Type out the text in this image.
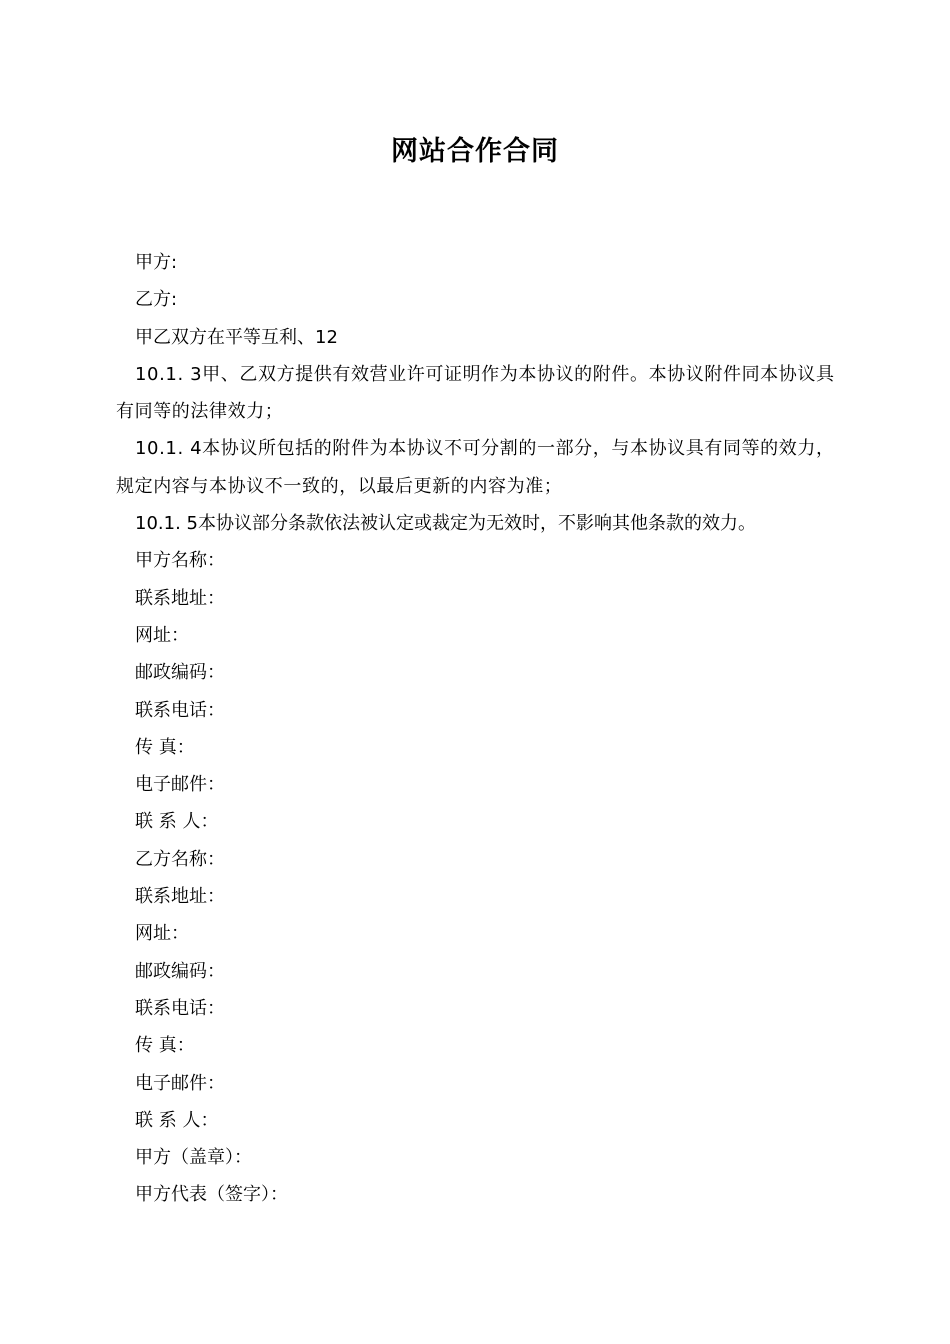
网站合作合同

甲方:

乙方:

甲乙双方在平等互利、12

10.1. 3甲、乙双方提供有效营业许可证明作为本协议的附件。本协议附件同本协议具有同等的法律效力；

10.1. 4本协议所包括的附件为本协议不可分割的一部分，与本协议具有同等的效力，规定内容与本协议不一致的，以最后更新的内容为准；

10.1. 5本协议部分条款依法被认定或裁定为无效时，不影响其他条款的效力。

甲方名称：

联系地址：

网址：

邮政编码：

联系电话：

传 真：

电子邮件：

联 系 人：

乙方名称：

联系地址：

网址：

邮政编码：

联系电话：

传 真：

电子邮件：

联 系 人：

甲方（盖章）：

甲方代表（签字）：
